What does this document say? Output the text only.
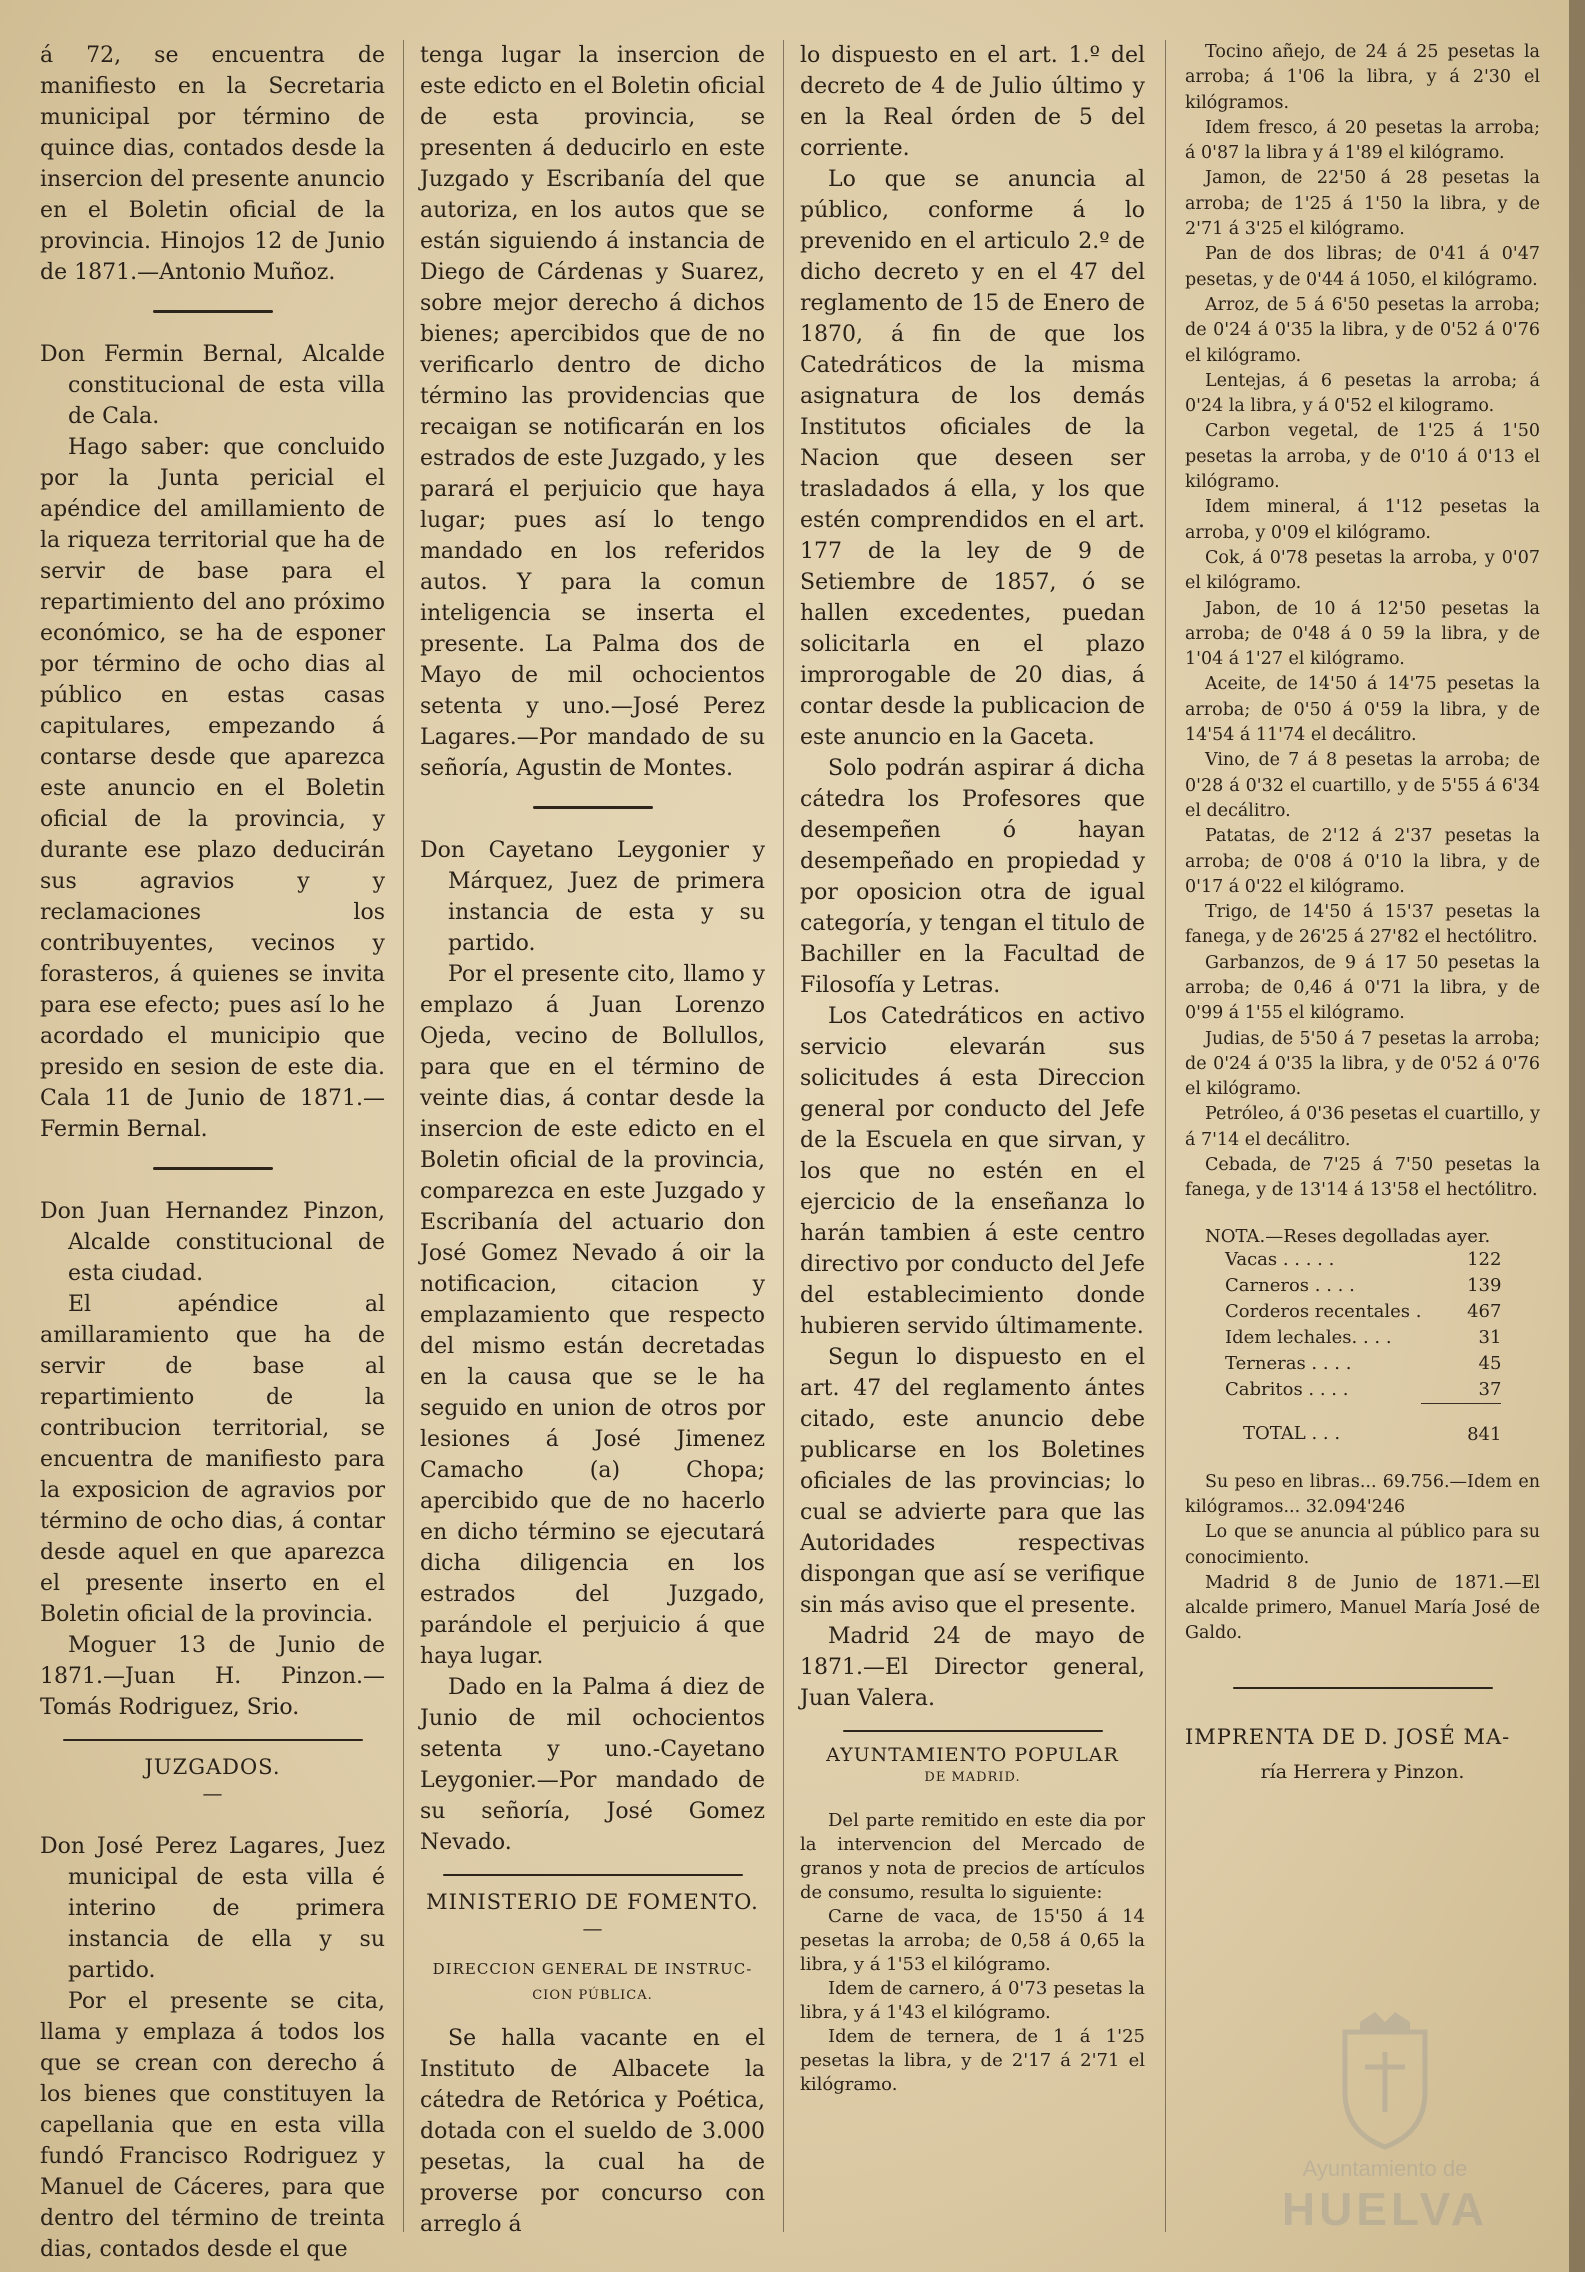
á 72, se encuentra de manifiesto en la Secretaria municipal por término de quince dias, contados desde la insercion del presente anuncio en el Boletin oficial de la provincia. Hinojos 12 de Junio de 1871.—Antonio Muñoz.

Don Fermin Bernal, Alcalde constitucional de esta villa de Cala.

Hago saber: que concluido por la Junta pericial el apéndice del amillamiento de la riqueza territorial que ha de servir de base para el repartimiento del ano próximo económico, se ha de esponer por término de ocho dias al público en estas casas capitulares, empezando á contarse desde que aparezca este anuncio en el Boletin oficial de la provincia, y durante ese plazo deducirán sus agravios y y reclamaciones los contribuyentes, vecinos y forasteros, á quienes se invita para ese efecto; pues así lo he acordado el municipio que presido en sesion de este dia. Cala 11 de Junio de 1871.—Fermin Bernal.

Don Juan Hernandez Pinzon, Alcalde constitucional de esta ciudad.

El apéndice al amillaramiento que ha de servir de base al repartimiento de la contribucion territorial, se encuentra de manifiesto para la exposicion de agravios por término de ocho dias, á contar desde aquel en que aparezca el presente inserto en el Boletin oficial de la provincia.

Moguer 13 de Junio de 1871.—Juan H. Pinzon.—Tomás Rodriguez, Srio.

JUZGADOS.
—

Don José Perez Lagares, Juez municipal de esta villa é interino de primera instancia de ella y su partido.

Por el presente se cita, llama y emplaza á todos los que se crean con derecho á los bienes que constituyen la capellania que en esta villa fundó Francisco Rodriguez y Manuel de Cáceres, para que dentro del término de treinta dias, contados desde el que

tenga lugar la insercion de este edicto en el Boletin oficial de esta provincia, se presenten á deducirlo en este Juzgado y Escribanía del que autoriza, en los autos que se están siguiendo á instancia de Diego de Cárdenas y Suarez, sobre mejor derecho á dichos bienes; apercibidos que de no verificarlo dentro de dicho término las providencias que recaigan se notificarán en los estrados de este Juzgado, y les parará el perjuicio que haya lugar; pues así lo tengo mandado en los referidos autos. Y para la comun inteligencia se inserta el presente. La Palma dos de Mayo de mil ochocientos setenta y uno.—José Perez Lagares.—Por mandado de su señoría, Agustin de Montes.

Don Cayetano Leygonier y Márquez, Juez de primera instancia de esta y su partido.

Por el presente cito, llamo y emplazo á Juan Lorenzo Ojeda, vecino de Bollullos, para que en el término de veinte dias, á contar desde la insercion de este edicto en el Boletin oficial de la provincia, comparezca en este Juzgado y Escribanía del actuario don José Gomez Nevado á oir la notificacion, citacion y emplazamiento que respecto del mismo están decretadas en la causa que se le ha seguido en union de otros por lesiones á José Jimenez Camacho (a) Chopa; apercibido que de no hacerlo en dicho término se ejecutará dicha diligencia en los estrados del Juzgado, parándole el perjuicio á que haya lugar.

Dado en la Palma á diez de Junio de mil ochocientos setenta y uno.-Cayetano Leygonier.—Por mandado de su señoría, José Gomez Nevado.

MINISTERIO DE FOMENTO.
—
DIRECCION GENERAL DE INSTRUC-
CION PÚBLICA.

Se halla vacante en el Instituto de Albacete la cátedra de Retórica y Poética, dotada con el sueldo de 3.000 pesetas, la cual ha de proverse por concurso con arreglo á

lo dispuesto en el art. 1.º del decreto de 4 de Julio último y en la Real órden de 5 del corriente.

Lo que se anuncia al público, conforme á lo prevenido en el articulo 2.º de dicho decreto y en el 47 del reglamento de 15 de Enero de 1870, á fin de que los Catedráticos de la misma asignatura de los demás Institutos oficiales de la Nacion que deseen ser trasladados á ella, y los que estén comprendidos en el art. 177 de la ley de 9 de Setiembre de 1857, ó se hallen excedentes, puedan solicitarla en el plazo improrogable de 20 dias, á contar desde la publicacion de este anuncio en la Gaceta.

Solo podrán aspirar á dicha cátedra los Profesores que desempeñen ó hayan desempeñado en propiedad y por oposicion otra de igual categoría, y tengan el titulo de Bachiller en la Facultad de Filosofía y Letras.

Los Catedráticos en activo servicio elevarán sus solicitudes á esta Direccion general por conducto del Jefe de la Escuela en que sirvan, y los que no estén en el ejercicio de la enseñanza lo harán tambien á este centro directivo por conducto del Jefe del establecimiento donde hubieren servido últimamente.

Segun lo dispuesto en el art. 47 del reglamento ántes citado, este anuncio debe publicarse en los Boletines oficiales de las provincias; lo cual se advierte para que las Autoridades respectivas dispongan que así se verifique sin más aviso que el presente.

Madrid 24 de mayo de 1871.—El Director general, Juan Valera.

AYUNTAMIENTO POPULAR
DE MADRID.

Del parte remitido en este dia por la intervencion del Mercado de granos y nota de precios de artículos de consumo, resulta lo siguiente:

Carne de vaca, de 15'50 á 14 pesetas la arroba; de 0,58 á 0,65 la libra, y á 1'53 el kilógramo.

Idem de carnero, á 0'73 pesetas la libra, y á 1'43 el kilógramo.

Idem de ternera, de 1 á 1'25 pesetas la libra, y de 2'17 á 2'71 el kilógramo.

Tocino añejo, de 24 á 25 pesetas la arroba; á 1'06 la libra, y á 2'30 el kilógramos.

Idem fresco, á 20 pesetas la arroba; á 0'87 la libra y á 1'89 el kilógramo.

Jamon, de 22'50 á 28 pesetas la arroba; de 1'25 á 1'50 la libra, y de 2'71 á 3'25 el kilógramo.

Pan de dos libras; de 0'41 á 0'47 pesetas, y de 0'44 á 1050, el kilógramo.

Arroz, de 5 á 6'50 pesetas la arroba; de 0'24 á 0'35 la libra, y de 0'52 á 0'76 el kilógramo.

Lentejas, á 6 pesetas la arroba; á 0'24 la libra, y á 0'52 el kilogramo.

Carbon vegetal, de 1'25 á 1'50 pesetas la arroba, y de 0'10 á 0'13 el kilógramo.

Idem mineral, á 1'12 pesetas la arroba, y 0'09 el kilógramo.

Cok, á 0'78 pesetas la arroba, y 0'07 el kilógramo.

Jabon, de 10 á 12'50 pesetas la arroba; de 0'48 á 0 59 la libra, y de 1'04 á 1'27 el kilógramo.

Aceite, de 14'50 á 14'75 pesetas la arroba; de 0'50 á 0'59 la libra, y de 14'54 á 11'74 el decálitro.

Vino, de 7 á 8 pesetas la arroba; de 0'28 á 0'32 el cuartillo, y de 5'55 á 6'34 el decálitro.

Patatas, de 2'12 á 2'37 pesetas la arroba; de 0'08 á 0'10 la libra, y de 0'17 á 0'22 el kilógramo.

Trigo, de 14'50 á 15'37 pesetas la fanega, y de 26'25 á 27'82 el hectólitro.

Garbanzos, de 9 á 17 50 pesetas la arroba; de 0,46 á 0'71 la libra, y de 0'99 á 1'55 el kilógramo.

Judias, de 5'50 á 7 pesetas la arroba; de 0'24 á 0'35 la libra, y de 0'52 á 0'76 el kilógramo.

Petróleo, á 0'36 pesetas el cuartillo, y á 7'14 el decálitro.

Cebada, de 7'25 á 7'50 pesetas la fanega, y de 13'14 á 13'58 el hectólitro.

NOTA.—Reses degolladas ayer.
Vacas . . . . .	122
Carneros . . . .	139
Corderos recentales .	467
Idem lechales. . . .	31
Terneras . . . .	45
Cabritos . . . .	37
TOTAL . . .	841

Su peso en libras... 69.756.—Idem en kilógramos... 32.094'246

Lo que se anuncia al público para su conocimiento.

Madrid 8 de Junio de 1871.—El alcalde primero, Manuel María José de Galdo.

IMPRENTA DE D. JOSÉ MA-
ría Herrera y Pinzon.
Ayuntamiento de
HUELVA
